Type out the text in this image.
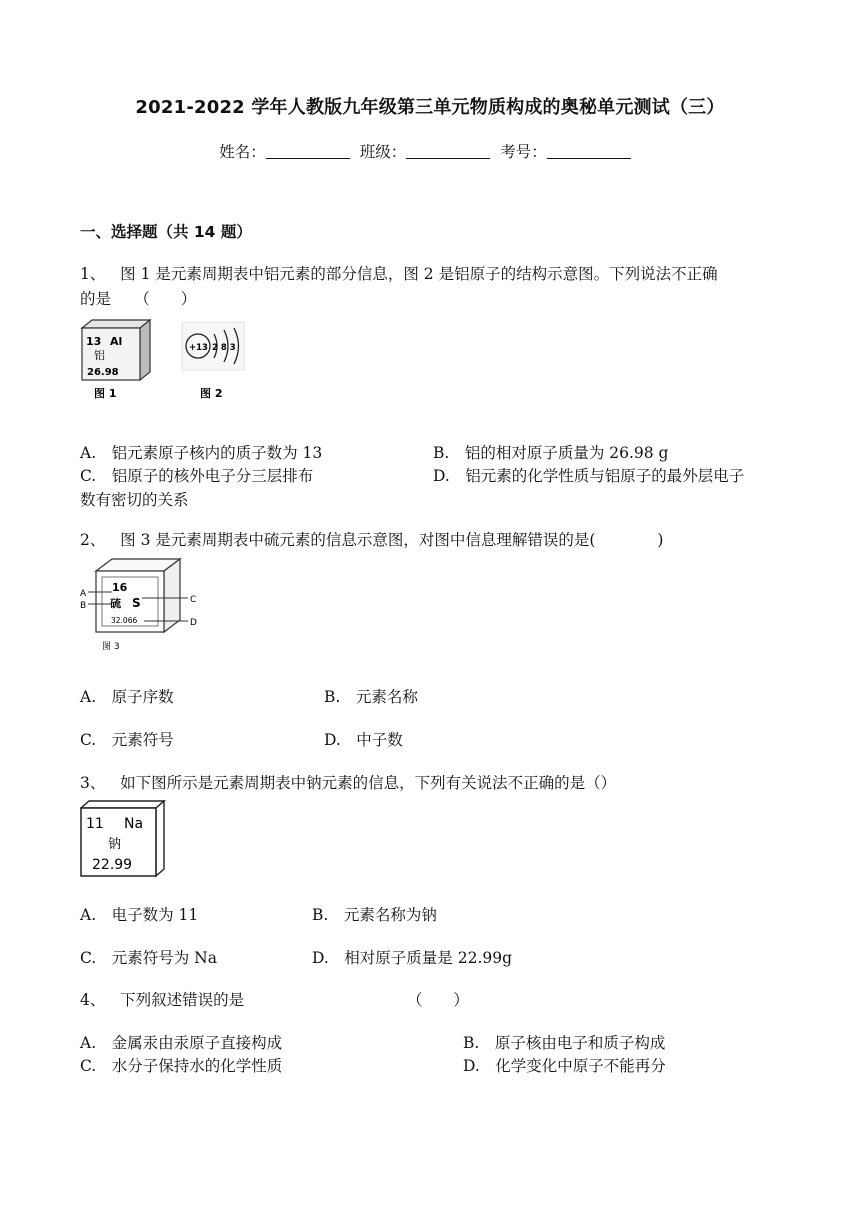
2021-2022 学年人教版九年级第三单元物质构成的奥秘单元测试（三）
姓名：	班级：	考号：
一、选择题（共 14 题）
1、 图 1 是元素周期表中铝元素的部分信息，图 2 是铝原子的结构示意图。下列说法不正确
的是　　（　　）
13 Al
铝
26.98
图 1
+13 2 8 3
图 2
A.　铝元素原子核内的质子数为 13	B.　铝的相对原子质量为 26.98 g
C.　铝原子的核外电子分三层排布	D.　铝元素的化学性质与铝原子的最外层电子
数有密切的关系
2、 图 3 是元素周期表中硫元素的信息示意图，对图中信息理解错误的是(　　　　)
16
硫 S
32.066
A
B
C
D
图 3
A.　原子序数	B.　元素名称
C.　元素符号	D.　中子数
3、 如下图所示是元素周期表中钠元素的信息，下列有关说法不正确的是（）
11 Na
钠
22.99
A.　电子数为 11	B.　元素名称为钠
C.　元素符号为 Na	D.　相对原子质量是 22.99g
4、 下列叙述错误的是　　　　　　　　　　　（　　）
A.　金属汞由汞原子直接构成	B.　原子核由电子和质子构成
C.　水分子保持水的化学性质	D.　化学变化中原子不能再分
